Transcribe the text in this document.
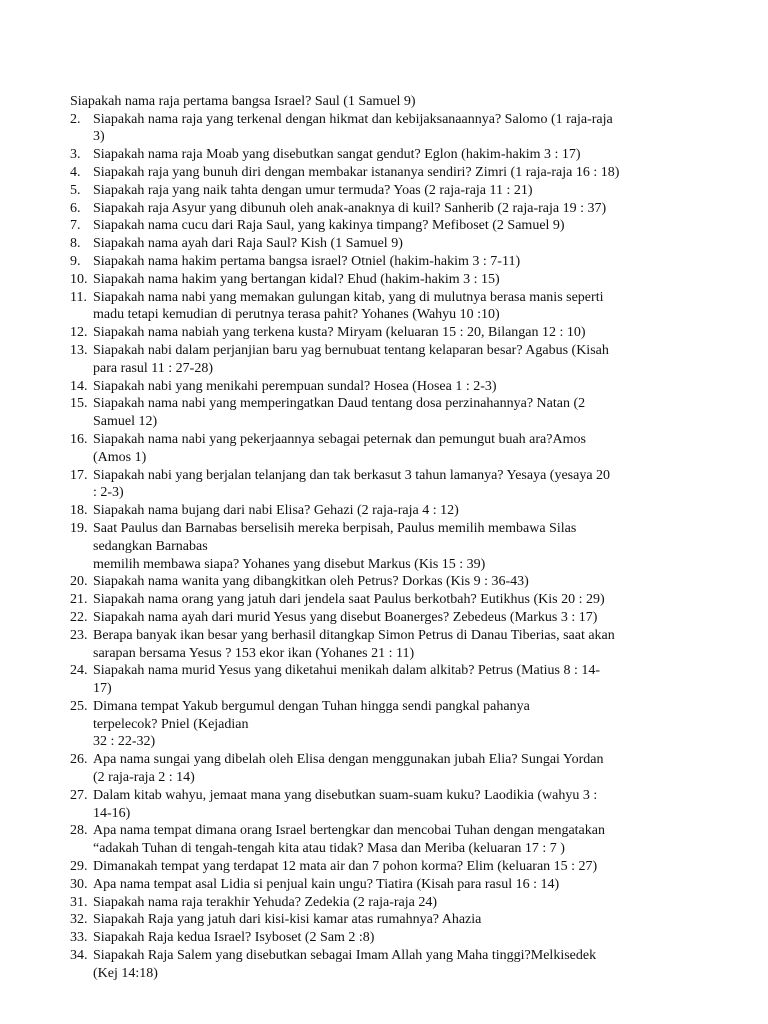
Siapakah nama raja pertama bangsa Israel? Saul (1 Samuel 9)

2. Siapakah nama raja yang terkenal dengan hikmat dan kebijaksanaannya? Salomo (1 raja-raja
3)
3. Siapakah nama raja Moab yang disebutkan sangat gendut? Eglon (hakim-hakim 3 : 17)
4. Siapakah raja yang bunuh diri dengan membakar istananya sendiri? Zimri (1 raja-raja 16 : 18)
5. Siapakah raja yang naik tahta dengan umur termuda? Yoas (2 raja-raja 11 : 21)
6. Siapakah raja Asyur yang dibunuh oleh anak-anaknya di kuil? Sanherib (2 raja-raja 19 : 37)
7. Siapakah nama cucu dari Raja Saul, yang kakinya timpang? Mefiboset (2 Samuel 9)
8. Siapakah nama ayah dari Raja Saul? Kish (1 Samuel 9)
9. Siapakah nama hakim pertama bangsa israel? Otniel (hakim-hakim 3 : 7-11)
10. Siapakah nama hakim yang bertangan kidal? Ehud (hakim-hakim 3 : 15)
11. Siapakah nama nabi yang memakan gulungan kitab, yang di mulutnya berasa manis seperti
madu tetapi kemudian di perutnya terasa pahit? Yohanes (Wahyu 10 :10)
12. Siapakah nama nabiah yang terkena kusta? Miryam (keluaran 15 : 20, Bilangan 12 : 10)
13. Siapakah nabi dalam perjanjian baru yag bernubuat tentang kelaparan besar? Agabus (Kisah
para rasul 11 : 27-28)
14. Siapakah nabi yang menikahi perempuan sundal? Hosea (Hosea 1 : 2-3)
15. Siapakah nama nabi yang memperingatkan Daud tentang dosa perzinahannya? Natan (2
Samuel 12)
16. Siapakah nama nabi yang pekerjaannya sebagai peternak dan pemungut buah ara?Amos
(Amos 1)
17. Siapakah nabi yang berjalan telanjang dan tak berkasut 3 tahun lamanya? Yesaya (yesaya 20
: 2-3)
18. Siapakah nama bujang dari nabi Elisa? Gehazi (2 raja-raja 4 : 12)
19. Saat Paulus dan Barnabas berselisih mereka berpisah, Paulus memilih membawa Silas
sedangkan Barnabas
memilih membawa siapa? Yohanes yang disebut Markus (Kis 15 : 39)
20. Siapakah nama wanita yang dibangkitkan oleh Petrus? Dorkas (Kis 9 : 36-43)
21. Siapakah nama orang yang jatuh dari jendela saat Paulus berkotbah? Eutikhus (Kis 20 : 29)
22. Siapakah nama ayah dari murid Yesus yang disebut Boanerges? Zebedeus (Markus 3 : 17)
23. Berapa banyak ikan besar yang berhasil ditangkap Simon Petrus di Danau Tiberias, saat akan
sarapan bersama Yesus ? 153 ekor ikan (Yohanes 21 : 11)
24. Siapakah nama murid Yesus yang diketahui menikah dalam alkitab? Petrus (Matius 8 : 14-
17)
25. Dimana tempat Yakub bergumul dengan Tuhan hingga sendi pangkal pahanya
terpelecok? Pniel (Kejadian
32 : 22-32)
26. Apa nama sungai yang dibelah oleh Elisa dengan menggunakan jubah Elia? Sungai Yordan
(2 raja-raja 2 : 14)
27. Dalam kitab wahyu, jemaat mana yang disebutkan suam-suam kuku? Laodikia (wahyu 3 :
14-16)
28. Apa nama tempat dimana orang Israel bertengkar dan mencobai Tuhan dengan mengatakan
“adakah Tuhan di tengah-tengah kita atau tidak? Masa dan Meriba (keluaran 17 : 7 )
29. Dimanakah tempat yang terdapat 12 mata air dan 7 pohon korma? Elim (keluaran 15 : 27)
30. Apa nama tempat asal Lidia si penjual kain ungu? Tiatira (Kisah para rasul 16 : 14)
31. Siapakah nama raja terakhir Yehuda? Zedekia (2 raja-raja 24)
32. Siapakah Raja yang jatuh dari kisi-kisi kamar atas rumahnya? Ahazia
33. Siapakah Raja kedua Israel? Isyboset (2 Sam 2 :8)
34. Siapakah Raja Salem yang disebutkan sebagai Imam Allah yang Maha tinggi?Melkisedek
(Kej 14:18)
